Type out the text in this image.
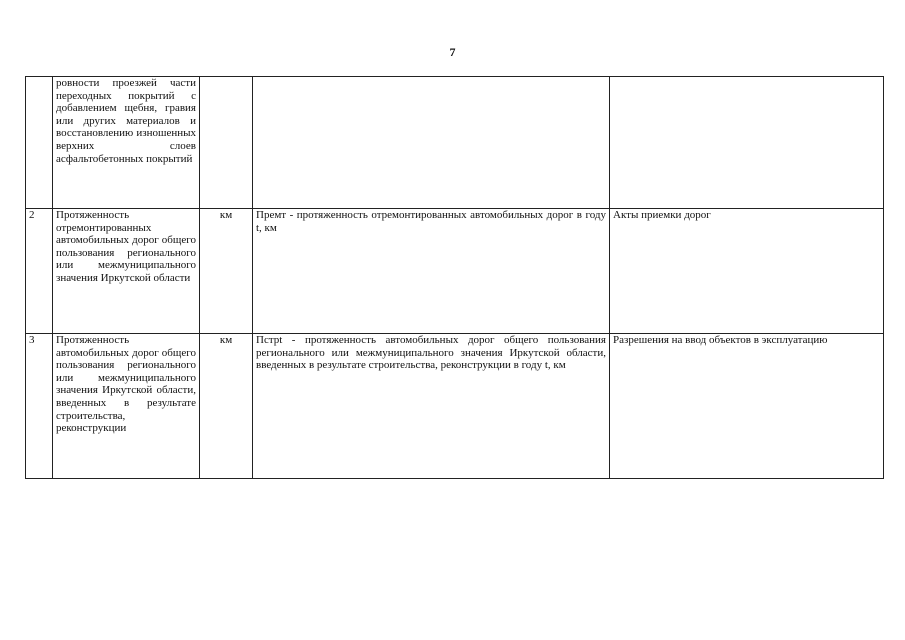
7
	ровности проезжей части переходных покрытий с добавлением щебня, гравия или других материалов и восстановлению изношенных верхних слоев асфальтобетонных покрытий			
2	Протяженность отремонтированных автомобильных дорог общего пользования регионального или межмуниципального значения Иркутской области	км	Премт - протяженность отремонтированных автомобильных дорог в году t, км	Акты приемки дорог
3	Протяженность автомобильных дорог общего пользования регионального или межмуниципального значения Иркутской области, введенных в результате строительства, реконструкции	км	Пстрt - протяженность автомобильных дорог общего пользования регионального или межмуниципального значения Иркутской области, введенных в результате строительства, реконструкции в году t, км	Разрешения на ввод объектов в эксплуатацию
